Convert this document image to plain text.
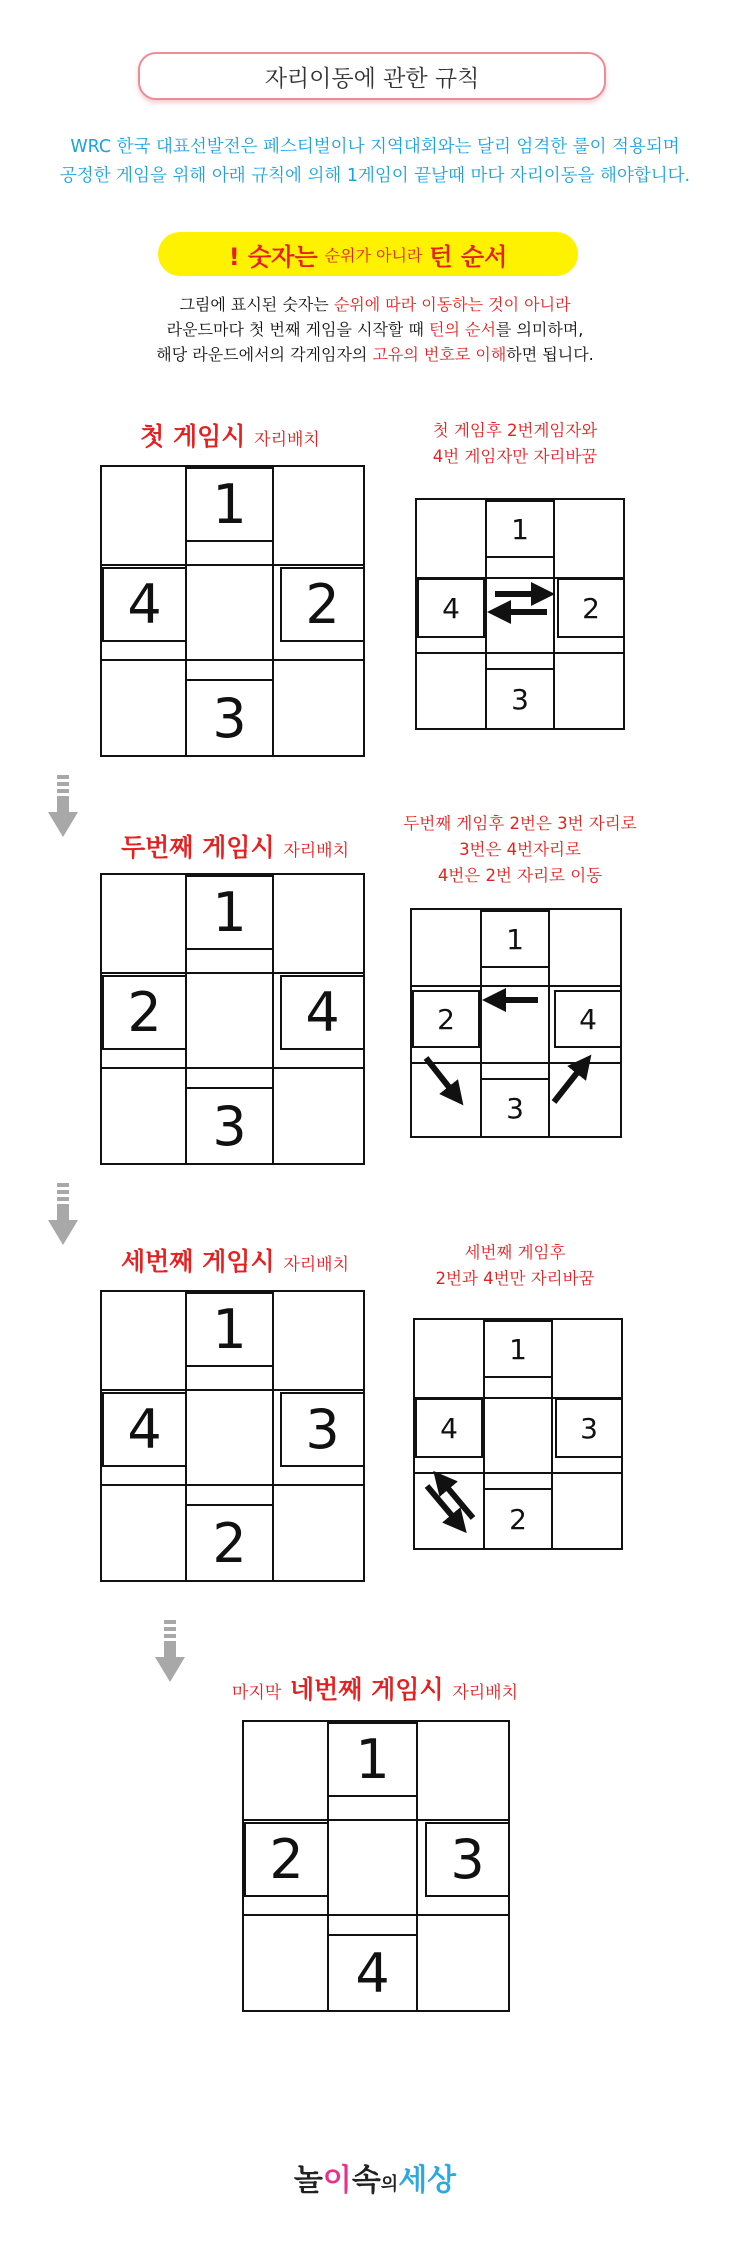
자리이동에 관한 규칙
WRC 한국 대표선발전은 페스티벌이나 지역대회와는 달리 엄격한 룰이 적용되며
공정한 게임을 위해 아래 규칙에 의해 1게임이 끝날때 마다 자리이동을 해야합니다.
! 숫자는 순위가 아니라 턴 순서
그림에 표시된 숫자는 순위에 따라 이동하는 것이 아니라
라운드마다 첫 번째 게임을 시작할 때 턴의 순서를 의미하며,
해당 라운드에서의 각게임자의 고유의 번호로 이해하면 됩니다.
첫 게임시 자리배치	첫 게임후 2번게임자와
4번 게임자만 자리바꿈
1
4	2
3
1
4	2
3
두번째 게임시 자리배치
두번째 게임후 2번은 3번 자리로
3번은 4번자리로
4번은 2번 자리로 이동
1
2	4
3
1
2	4
3
세번째 게임시 자리배치
세번째 게임후
2번과 4번만 자리바꿈
1
4	3
2
1
4	3
2
마지막 네번째 게임시 자리배치
1
2	3
4
놀이속의세상
